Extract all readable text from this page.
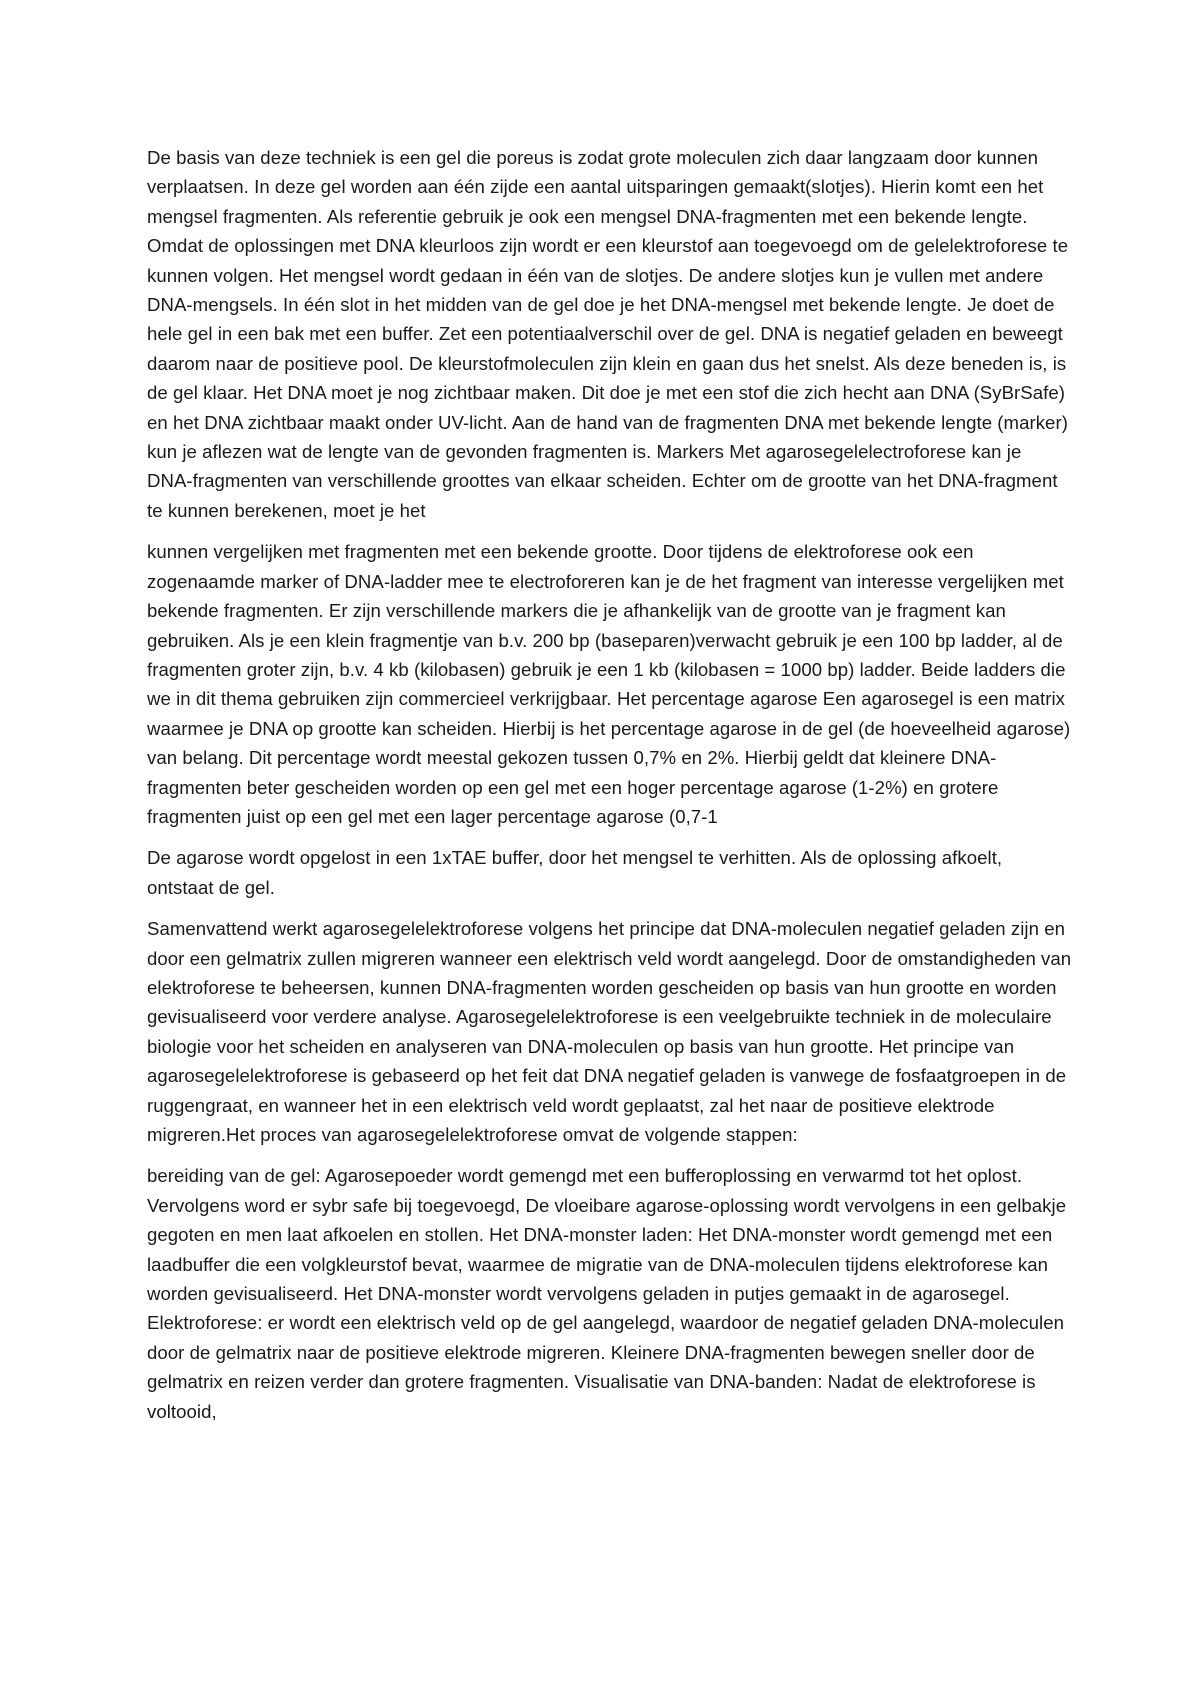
De basis van deze techniek is een gel die poreus is zodat grote moleculen zich daar langzaam door kunnen verplaatsen. In deze gel worden aan één zijde een aantal uitsparingen gemaakt(slotjes). Hierin komt een het mengsel fragmenten. Als referentie gebruik je ook een mengsel DNA-fragmenten met een bekende lengte. Omdat de oplossingen met DNA kleurloos zijn wordt er een kleurstof aan toegevoegd om de gelelektroforese te kunnen volgen. Het mengsel wordt gedaan in één van de slotjes. De andere slotjes kun je vullen met andere DNA-mengsels. In één slot in het midden van de gel doe je het DNA-mengsel met bekende lengte. Je doet de hele gel in een bak met een buffer. Zet een potentiaalverschil over de gel. DNA is negatief geladen en beweegt daarom naar de positieve pool. De kleurstofmoleculen zijn klein en gaan dus het snelst. Als deze beneden is, is de gel klaar. Het DNA moet je nog zichtbaar maken. Dit doe je met een stof die zich hecht aan DNA (SyBrSafe) en het DNA zichtbaar maakt onder UV-licht. Aan de hand van de fragmenten DNA met bekende lengte (marker) kun je aflezen wat de lengte van de gevonden fragmenten is. Markers Met agarosegelelectroforese kan je DNA-fragmenten van verschillende groottes van elkaar scheiden. Echter om de grootte van het DNA-fragment te kunnen berekenen, moet je het

kunnen vergelijken met fragmenten met een bekende grootte. Door tijdens de elektroforese ook een zogenaamde marker of DNA-ladder mee te electroforeren kan je de het fragment van interesse vergelijken met bekende fragmenten. Er zijn verschillende markers die je afhankelijk van de grootte van je fragment kan gebruiken. Als je een klein fragmentje van b.v. 200 bp (baseparen)verwacht gebruik je een 100 bp ladder, al de fragmenten groter zijn, b.v. 4 kb (kilobasen) gebruik je een 1 kb (kilobasen = 1000 bp) ladder. Beide ladders die we in dit thema gebruiken zijn commercieel verkrijgbaar. Het percentage agarose Een agarosegel is een matrix waarmee je DNA op grootte kan scheiden. Hierbij is het percentage agarose in de gel (de hoeveelheid agarose) van belang. Dit percentage wordt meestal gekozen tussen 0,7% en 2%. Hierbij geldt dat kleinere DNA-fragmenten beter gescheiden worden op een gel met een hoger percentage agarose (1-2%) en grotere fragmenten juist op een gel met een lager percentage agarose (0,7-1

De agarose wordt opgelost in een 1xTAE buffer, door het mengsel te verhitten. Als de oplossing afkoelt, ontstaat de gel.

Samenvattend werkt agarosegelelektroforese volgens het principe dat DNA-moleculen negatief geladen zijn en door een gelmatrix zullen migreren wanneer een elektrisch veld wordt aangelegd. Door de omstandigheden van elektroforese te beheersen, kunnen DNA-fragmenten worden gescheiden op basis van hun grootte en worden gevisualiseerd voor verdere analyse. Agarosegelelektroforese is een veelgebruikte techniek in de moleculaire biologie voor het scheiden en analyseren van DNA-moleculen op basis van hun grootte. Het principe van agarosegelelektroforese is gebaseerd op het feit dat DNA negatief geladen is vanwege de fosfaatgroepen in de ruggengraat, en wanneer het in een elektrisch veld wordt geplaatst, zal het naar de positieve elektrode migreren.Het proces van agarosegelelektroforese omvat de volgende stappen:

bereiding van de gel: Agarosepoeder wordt gemengd met een bufferoplossing en verwarmd tot het oplost. Vervolgens word er sybr safe bij toegevoegd, De vloeibare agarose-oplossing wordt vervolgens in een gelbakje gegoten en men laat afkoelen en stollen. Het DNA-monster laden: Het DNA-monster wordt gemengd met een laadbuffer die een volgkleurstof bevat, waarmee de migratie van de DNA-moleculen tijdens elektroforese kan worden gevisualiseerd. Het DNA-monster wordt vervolgens geladen in putjes gemaakt in de agarosegel. Elektroforese: er wordt een elektrisch veld op de gel aangelegd, waardoor de negatief geladen DNA-moleculen door de gelmatrix naar de positieve elektrode migreren. Kleinere DNA-fragmenten bewegen sneller door de gelmatrix en reizen verder dan grotere fragmenten. Visualisatie van DNA-banden: Nadat de elektroforese is voltooid,
